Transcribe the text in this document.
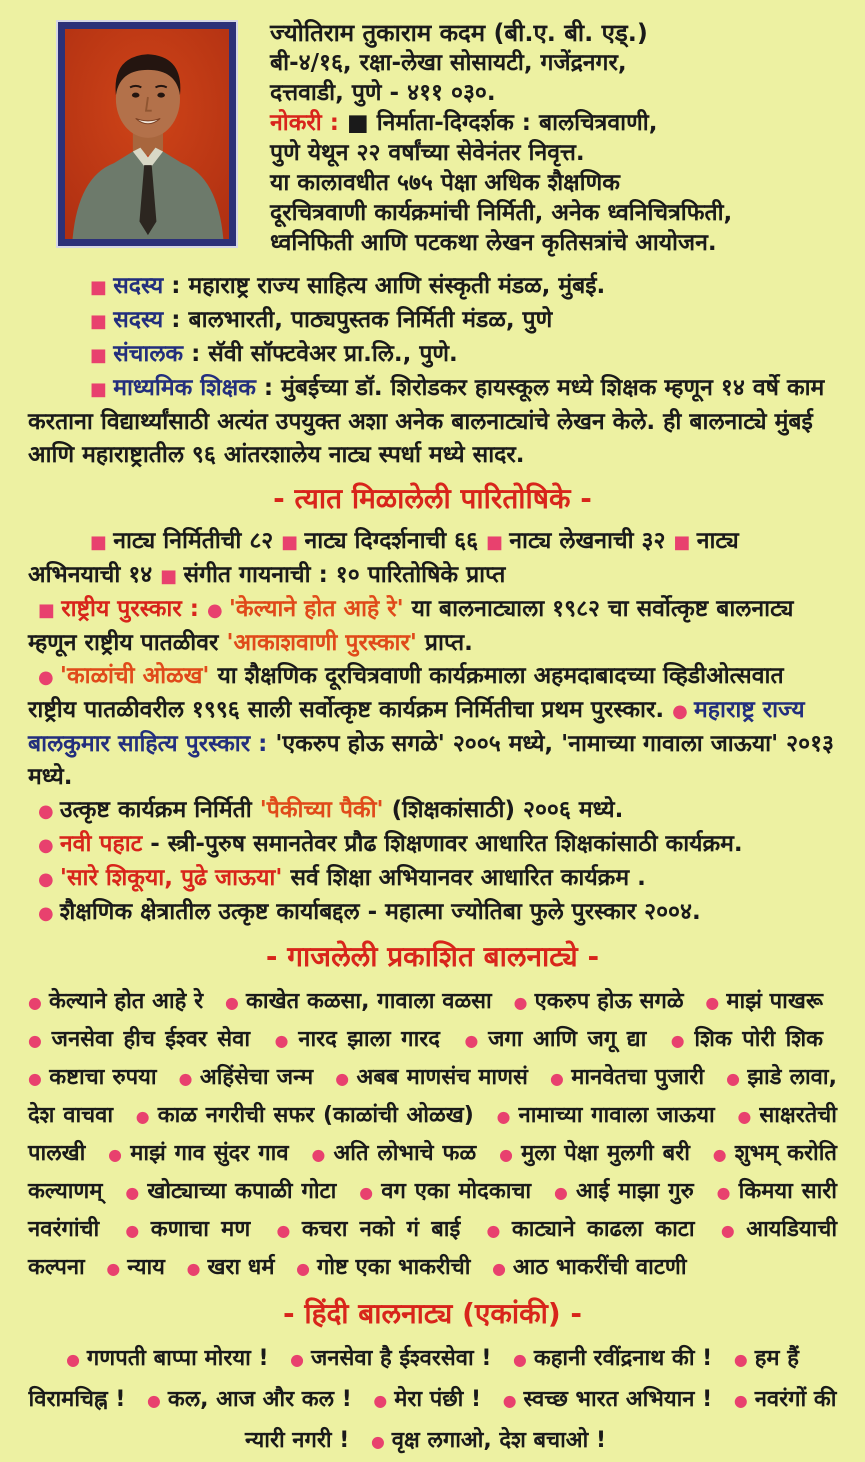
ज्योतिराम तुकाराम कदम (बी.ए. बी. एड्.)
बी-४/१६, रक्षा-लेखा सोसायटी, गजेंद्रनगर,
दत्तवाडी, पुणे - ४११ ०३०.
नोकरी : ■ निर्माता-दिग्दर्शक : बालचित्रवाणी,
पुणे येथून २२ वर्षांच्या सेवेनंतर निवृत्त.
या कालावधीत ५७५ पेक्षा अधिक शैक्षणिक
दूरचित्रवाणी कार्यक्रमांची निर्मिती, अनेक ध्वनिचित्रफिती,
ध्वनिफिती आणि पटकथा लेखन कृतिसत्रांचे आयोजन.

■ सदस्य : महाराष्ट्र राज्य साहित्य आणि संस्कृती मंडळ, मुंबई.

■ सदस्य : बालभारती, पाठ्यपुस्तक निर्मिती मंडळ, पुणे

■ संचालक : सॅवी सॉफ्टवेअर प्रा.लि., पुणे.

■ माध्यमिक शिक्षक : मुंबईच्या डॉ. शिरोडकर हायस्कूल मध्ये शिक्षक म्हणून १४ वर्षे काम करताना विद्यार्थ्यांसाठी अत्यंत उपयुक्त अशा अनेक बालनाट्यांचे लेखन केले. ही बालनाट्ये मुंबई आणि महाराष्ट्रातील ९६ आंतरशालेय नाट्य स्पर्धा मध्ये सादर.

- त्यात मिळालेली पारितोषिके -

■ नाट्य निर्मितीची ८२ ■ नाट्य दिग्दर्शनाची ६६ ■ नाट्य लेखनाची ३२ ■ नाट्य अभिनयाची १४ ■ संगीत गायनाची : १० पारितोषिके प्राप्त

■ राष्ट्रीय पुरस्कार : ● 'केल्याने होत आहे रे' या बालनाट्याला १९८२ चा सर्वोत्कृष्ट बालनाट्य म्हणून राष्ट्रीय पातळीवर 'आकाशवाणी पुरस्कार' प्राप्त.

● 'काळांची ओळख' या शैक्षणिक दूरचित्रवाणी कार्यक्रमाला अहमदाबादच्या व्हिडीओत्सवात राष्ट्रीय पातळीवरील १९९६ साली सर्वोत्कृष्ट कार्यक्रम निर्मितीचा प्रथम पुरस्कार. ● महाराष्ट्र राज्य बालकुमार साहित्य पुरस्कार : 'एकरुप होऊ सगळे' २००५ मध्ये, 'नामाच्या गावाला जाऊया' २०१३ मध्ये.

● उत्कृष्ट कार्यक्रम निर्मिती 'पैकीच्या पैकी' (शिक्षकांसाठी) २००६ मध्ये.

● नवी पहाट - स्त्री-पुरुष समानतेवर प्रौढ शिक्षणावर आधारित शिक्षकांसाठी कार्यक्रम.

● 'सारे शिकूया, पुढे जाऊया' सर्व शिक्षा अभियानवर आधारित कार्यक्रम .

● शैक्षणिक क्षेत्रातील उत्कृष्ट कार्याबद्दल - महात्मा ज्योतिबा फुले पुरस्कार २००४.

- गाजलेली प्रकाशित बालनाट्ये -

● केल्याने होत आहे रे ● काखेत कळसा, गावाला वळसा ● एकरुप होऊ सगळे ● माझं पाखरू ● जनसेवा हीच ईश्वर सेवा ● नारद झाला गारद ● जगा आणि जगू द्या ● शिक पोरी शिक ● कष्टाचा रुपया ● अहिंसेचा जन्म ● अबब माणसंच माणसं ● मानवेतचा पुजारी ● झाडे लावा, देश वाचवा ● काळ नगरीची सफर (काळांची ओळख) ● नामाच्या गावाला जाऊया ● साक्षरतेची पालखी ● माझं गाव सुंदर गाव ● अति लोभाचे फळ ● मुला पेक्षा मुलगी बरी ● शुभम् करोति कल्याणम् ● खोट्याच्या कपाळी गोटा ● वग एका मोदकाचा ● आई माझा गुरु ● किमया सारी नवरंगांची ● कणाचा मण ● कचरा नको गं बाई ● काट्याने काढला काटा ● आयडियाची कल्पना ● न्याय ● खरा धर्म ● गोष्ट एका भाकरीची ● आठ भाकरींची वाटणी

- हिंदी बालनाट्य (एकांकी) -

● गणपती बाप्पा मोरया ! ● जनसेवा है ईश्वरसेवा ! ● कहानी रवींद्रनाथ की ! ● हम हैं विरामचिह्न ! ● कल, आज और कल ! ● मेरा पंछी ! ● स्वच्छ भारत अभियान ! ● नवरंगों की न्यारी नगरी ! ● वृक्ष लगाओ, देश बचाओ !
